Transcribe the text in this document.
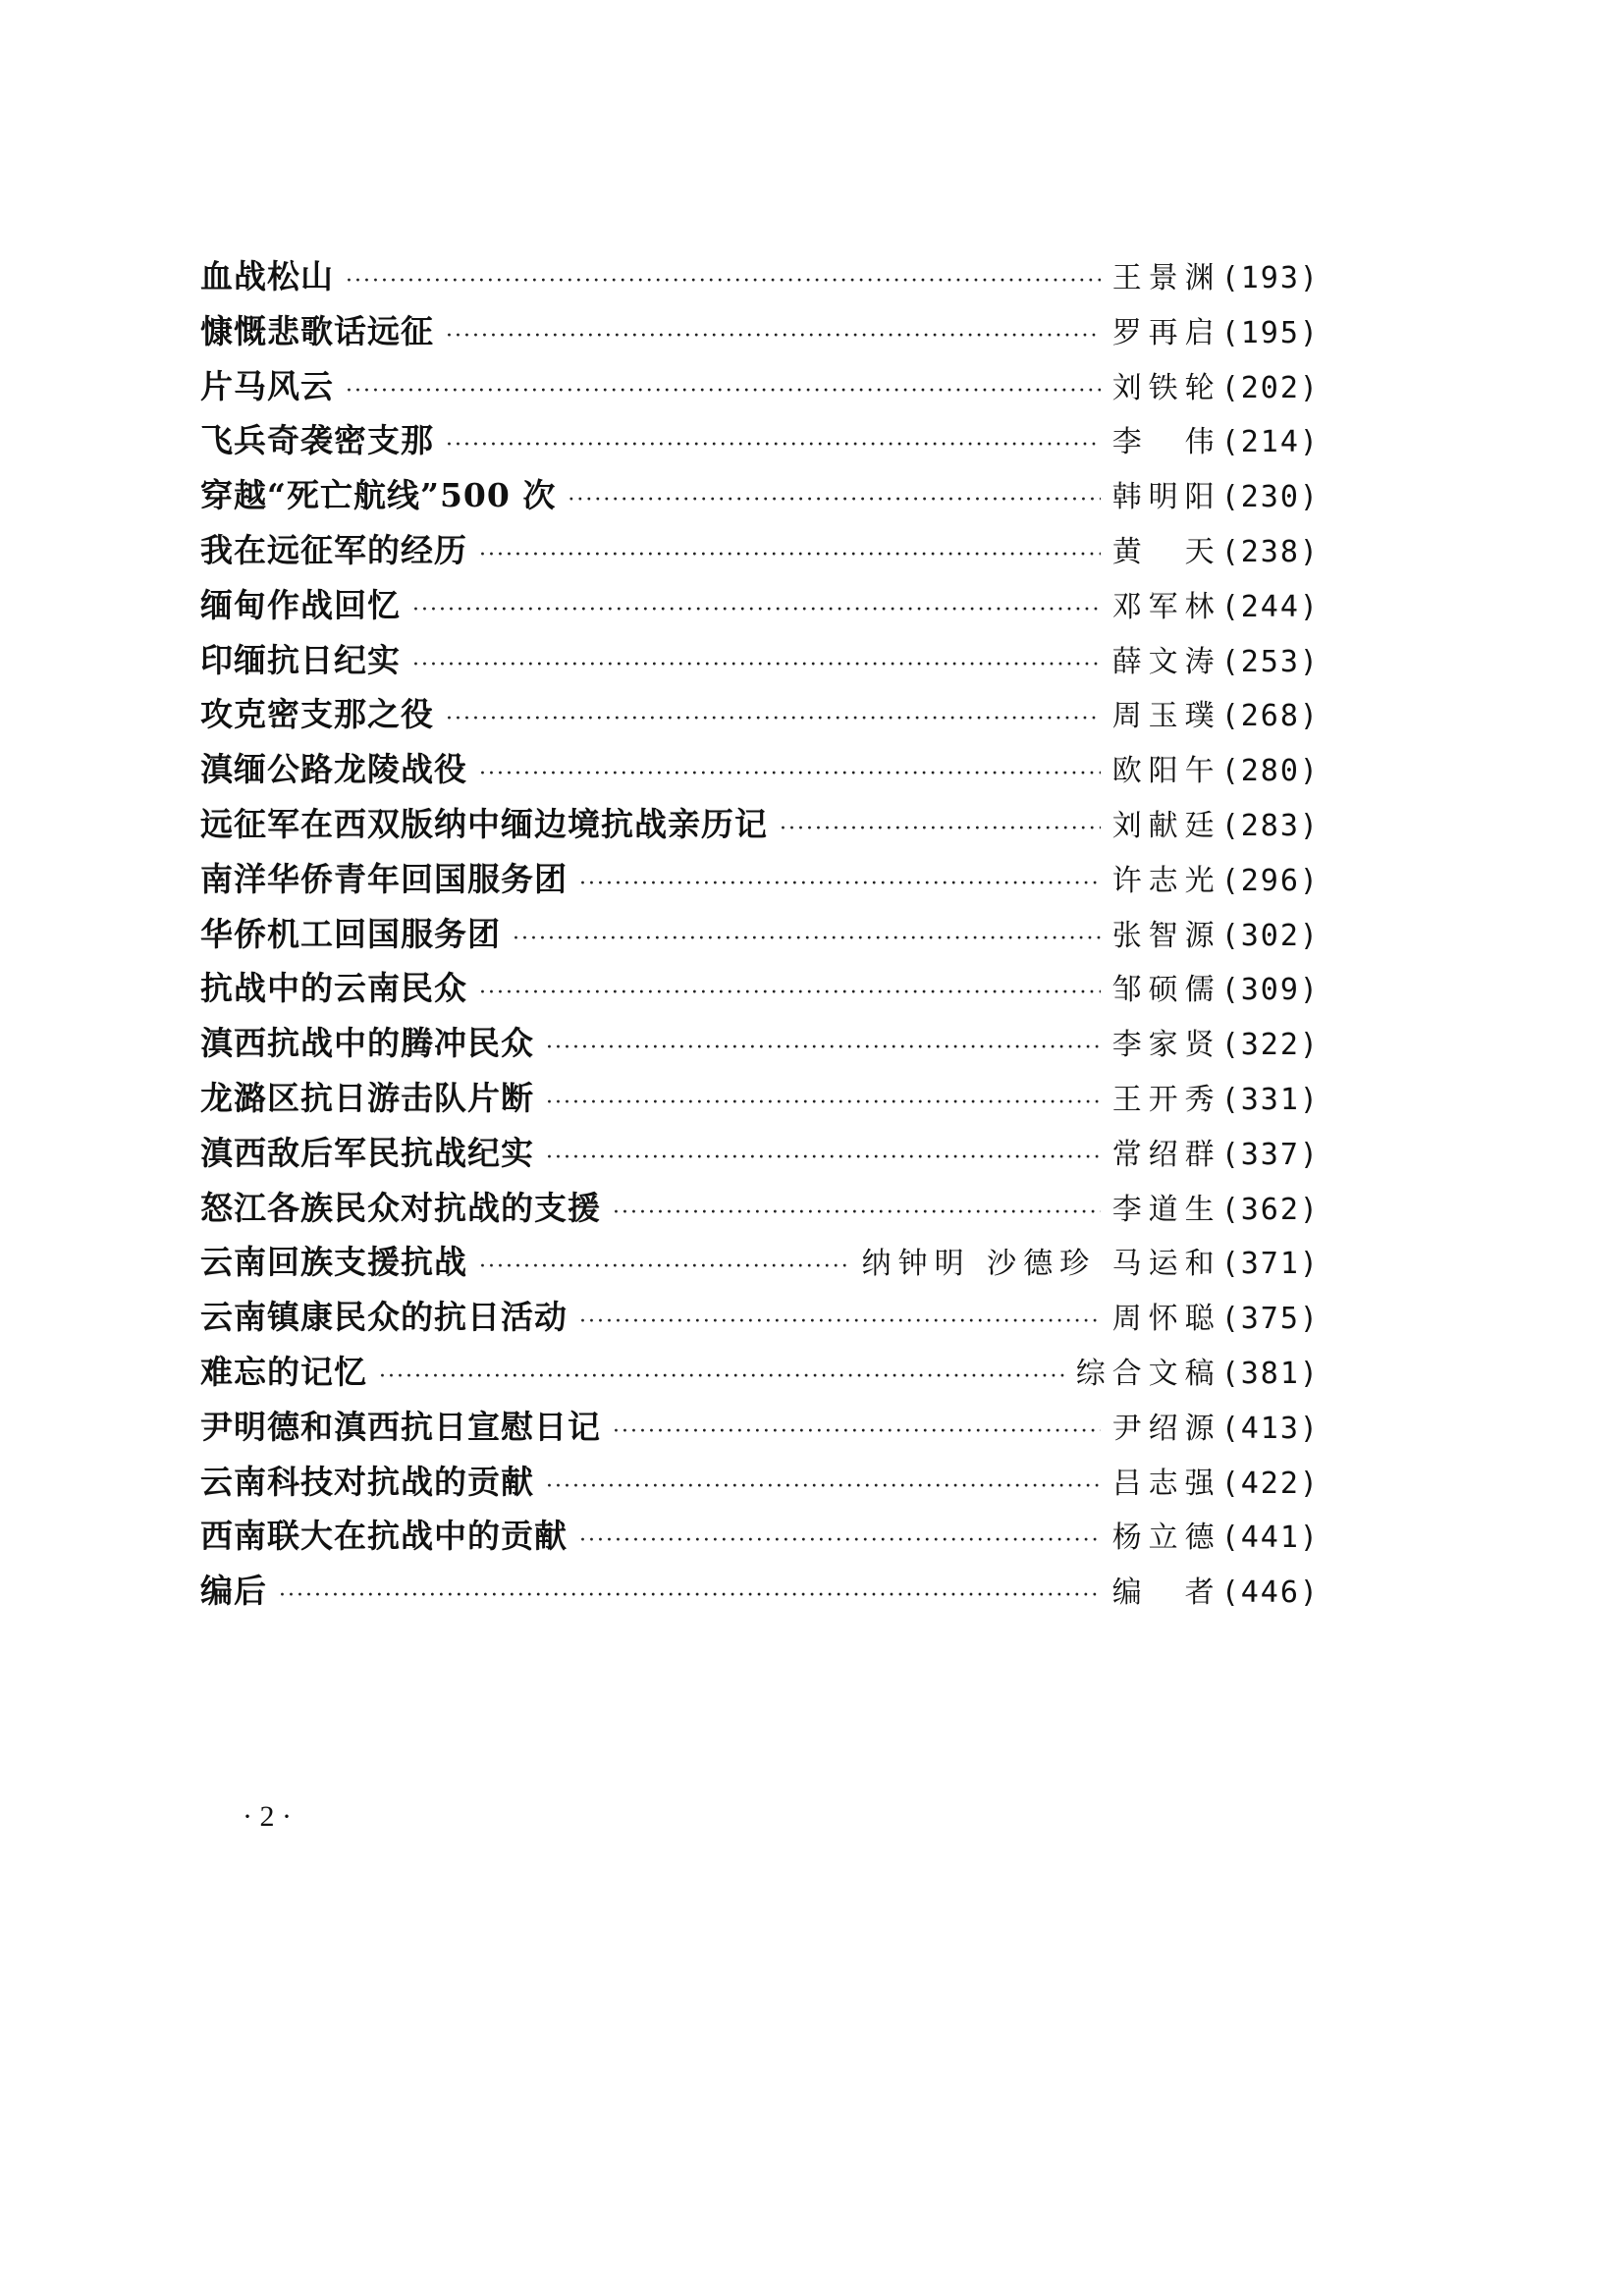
血战松山 ·····	王景渊 (193)
慷慨悲歌话远征 ·····	罗再启 (195)
片马风云 ·····	刘铁轮 (202)
飞兵奇袭密支那 ·····	李　伟 (214)
穿越“死亡航线”500 次 ·····	韩明阳 (230)
我在远征军的经历 ·····	黄　天 (238)
缅甸作战回忆 ·····	邓军林 (244)
印缅抗日纪实 ·····	薛文涛 (253)
攻克密支那之役 ·····	周玉璞 (268)
滇缅公路龙陵战役 ·····	欧阳午 (280)
远征军在西双版纳中缅边境抗战亲历记 ·····	刘献廷 (283)
南洋华侨青年回国服务团 ·····	许志光 (296)
华侨机工回国服务团 ·····	张智源 (302)
抗战中的云南民众 ·····	邹硕儒 (309)
滇西抗战中的腾冲民众 ·····	李家贤 (322)
龙潞区抗日游击队片断 ·····	王开秀 (331)
滇西敌后军民抗战纪实 ·····	常绍群 (337)
怒江各族民众对抗战的支援 ·····	李道生 (362)
云南回族支援抗战 ·····	纳钟明 沙德珍 马运和 (371)
云南镇康民众的抗日活动 ·····	周怀聪 (375)
难忘的记忆 ·····	综合文稿 (381)
尹明德和滇西抗日宣慰日记 ·····	尹绍源 (413)
云南科技对抗战的贡献 ·····	吕志强 (422)
西南联大在抗战中的贡献 ·····	杨立德 (441)
编后 ·····	编　者 (446)
· 2 ·
